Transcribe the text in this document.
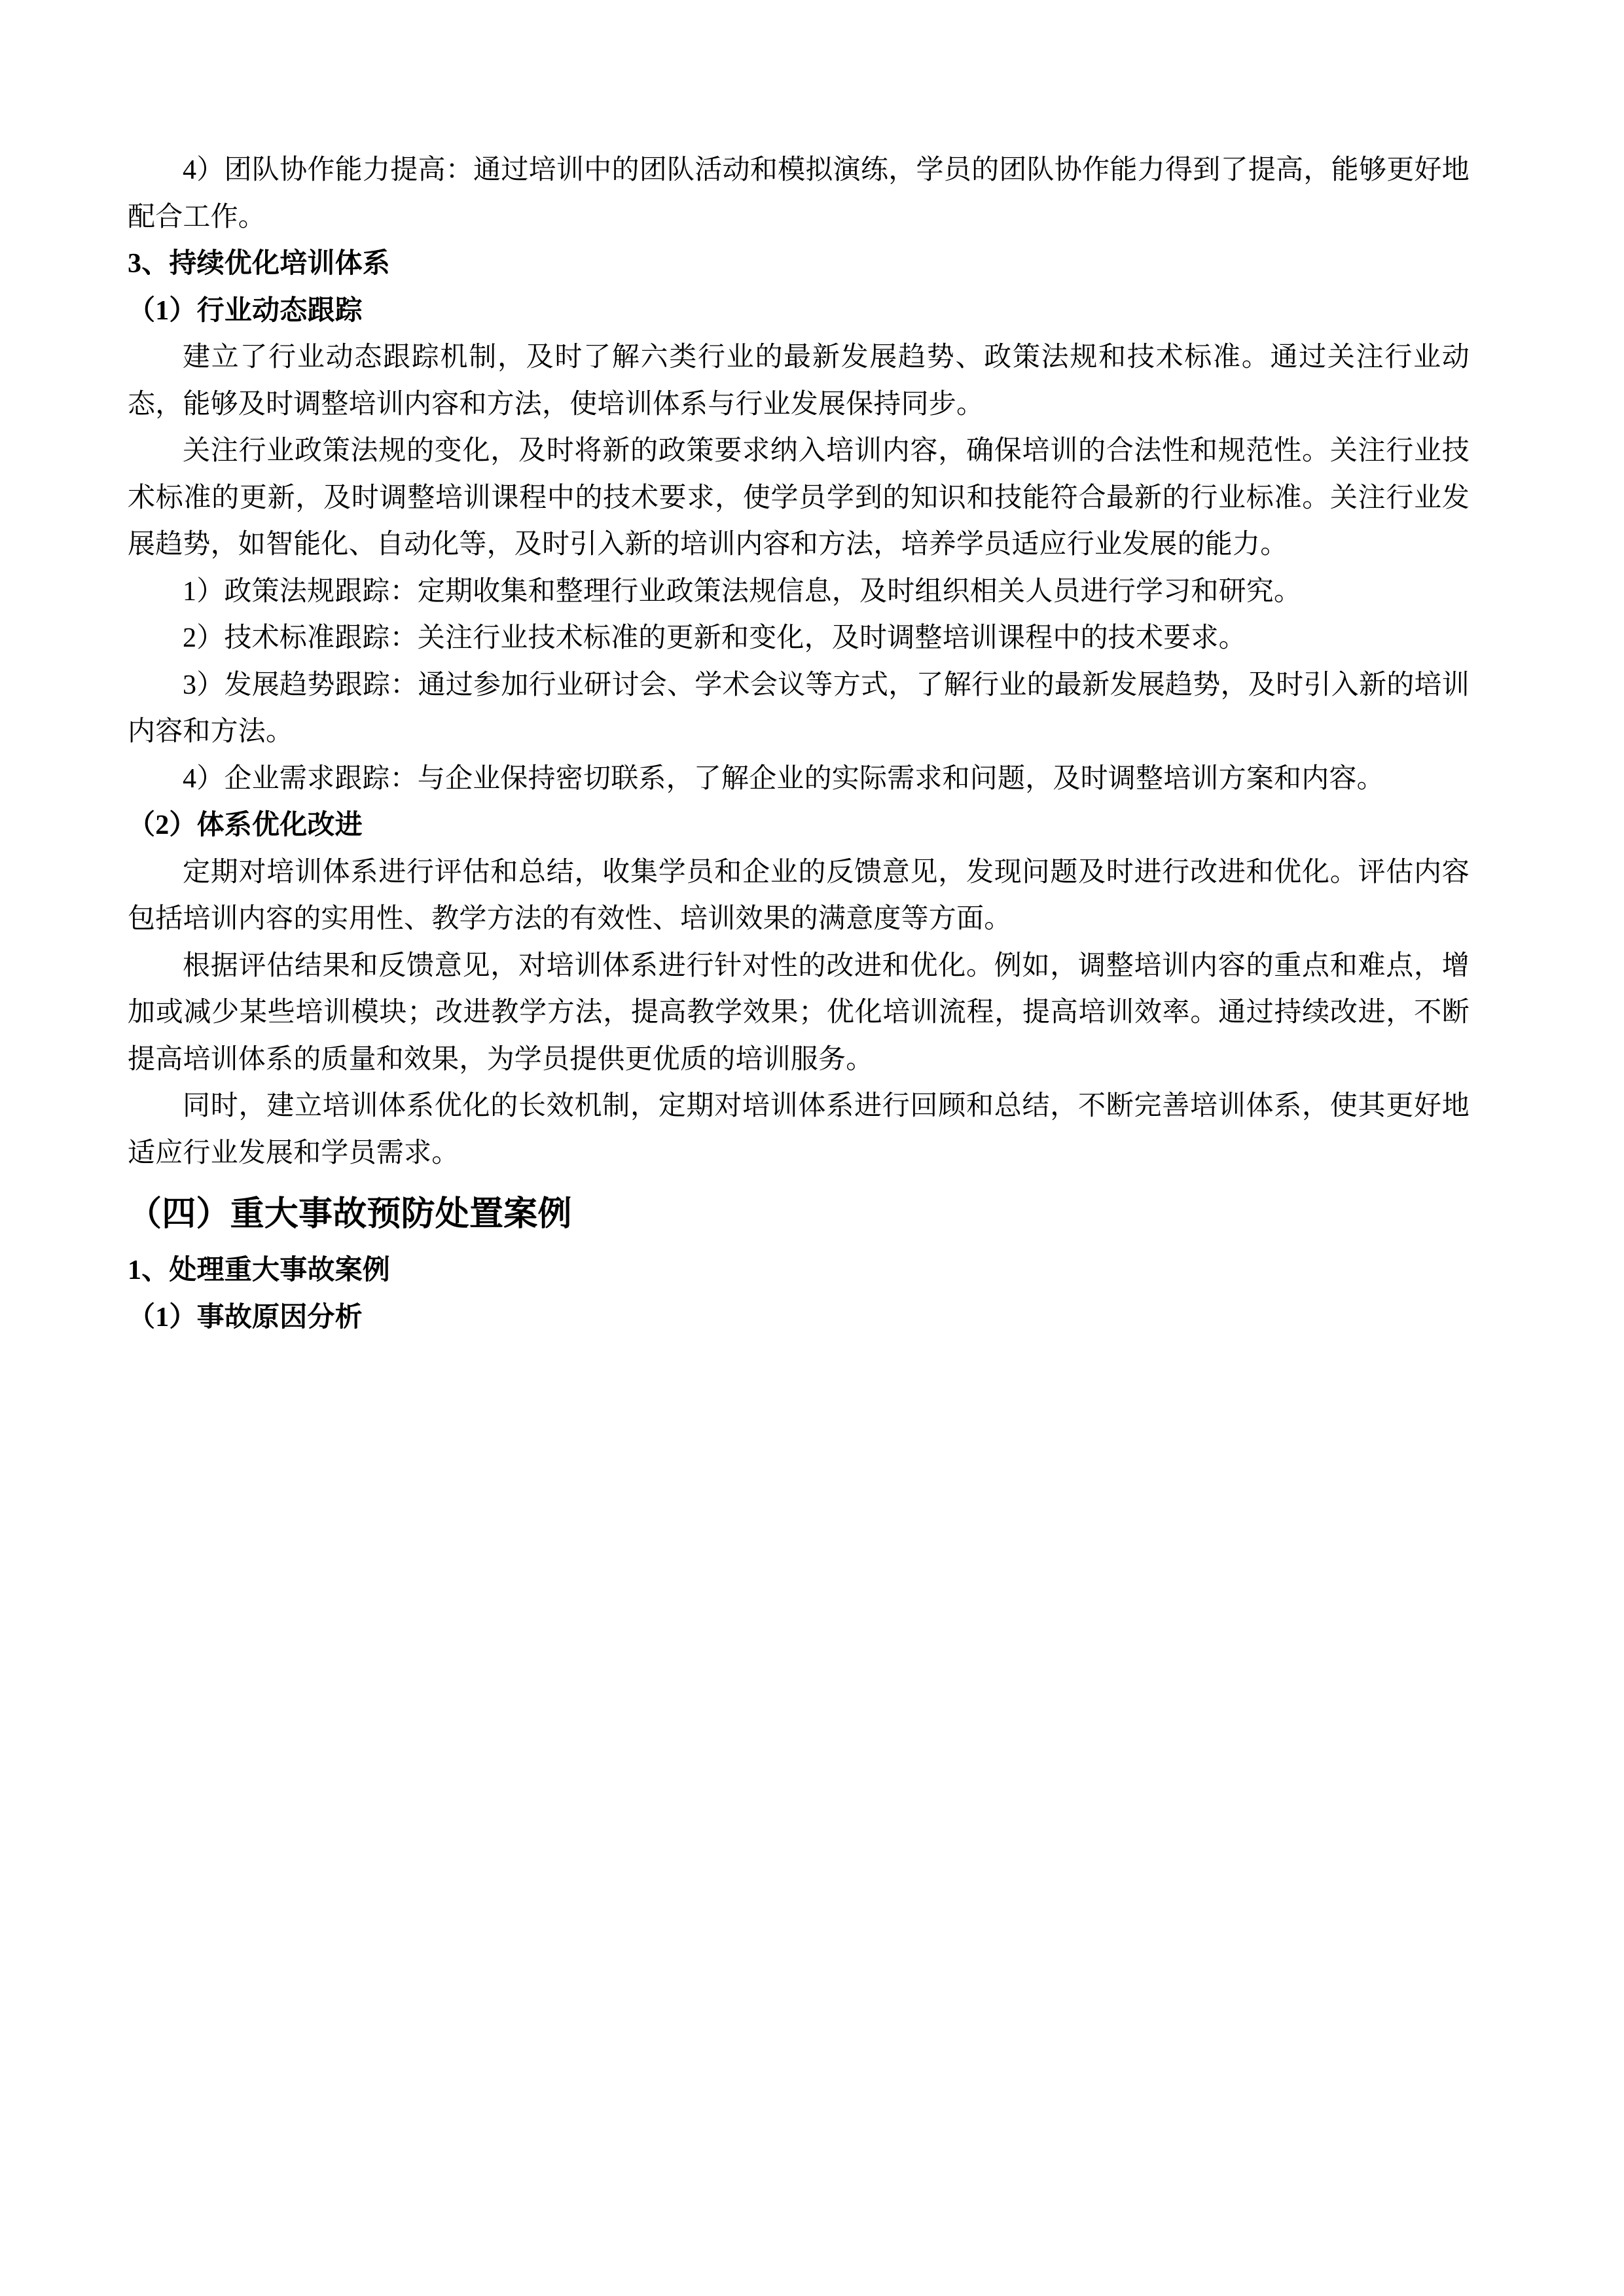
4）团队协作能力提高：通过培训中的团队活动和模拟演练，学员的团队协作能力得到了提高，能够更好地配合工作。

3、持续优化培训体系

（1）行业动态跟踪

建立了行业动态跟踪机制，及时了解六类行业的最新发展趋势、政策法规和技术标准。通过关注行业动态，能够及时调整培训内容和方法，使培训体系与行业发展保持同步。

关注行业政策法规的变化，及时将新的政策要求纳入培训内容，确保培训的合法性和规范性。关注行业技术标准的更新，及时调整培训课程中的技术要求，使学员学到的知识和技能符合最新的行业标准。关注行业发展趋势，如智能化、自动化等，及时引入新的培训内容和方法，培养学员适应行业发展的能力。

1）政策法规跟踪：定期收集和整理行业政策法规信息，及时组织相关人员进行学习和研究。

2）技术标准跟踪：关注行业技术标准的更新和变化，及时调整培训课程中的技术要求。

3）发展趋势跟踪：通过参加行业研讨会、学术会议等方式，了解行业的最新发展趋势，及时引入新的培训内容和方法。

4）企业需求跟踪：与企业保持密切联系，了解企业的实际需求和问题，及时调整培训方案和内容。

（2）体系优化改进

定期对培训体系进行评估和总结，收集学员和企业的反馈意见，发现问题及时进行改进和优化。评估内容包括培训内容的实用性、教学方法的有效性、培训效果的满意度等方面。

根据评估结果和反馈意见，对培训体系进行针对性的改进和优化。例如，调整培训内容的重点和难点，增加或减少某些培训模块；改进教学方法，提高教学效果；优化培训流程，提高培训效率。通过持续改进，不断提高培训体系的质量和效果，为学员提供更优质的培训服务。

同时，建立培训体系优化的长效机制，定期对培训体系进行回顾和总结，不断完善培训体系，使其更好地适应行业发展和学员需求。

（四）重大事故预防处置案例

1、处理重大事故案例

（1）事故原因分析
